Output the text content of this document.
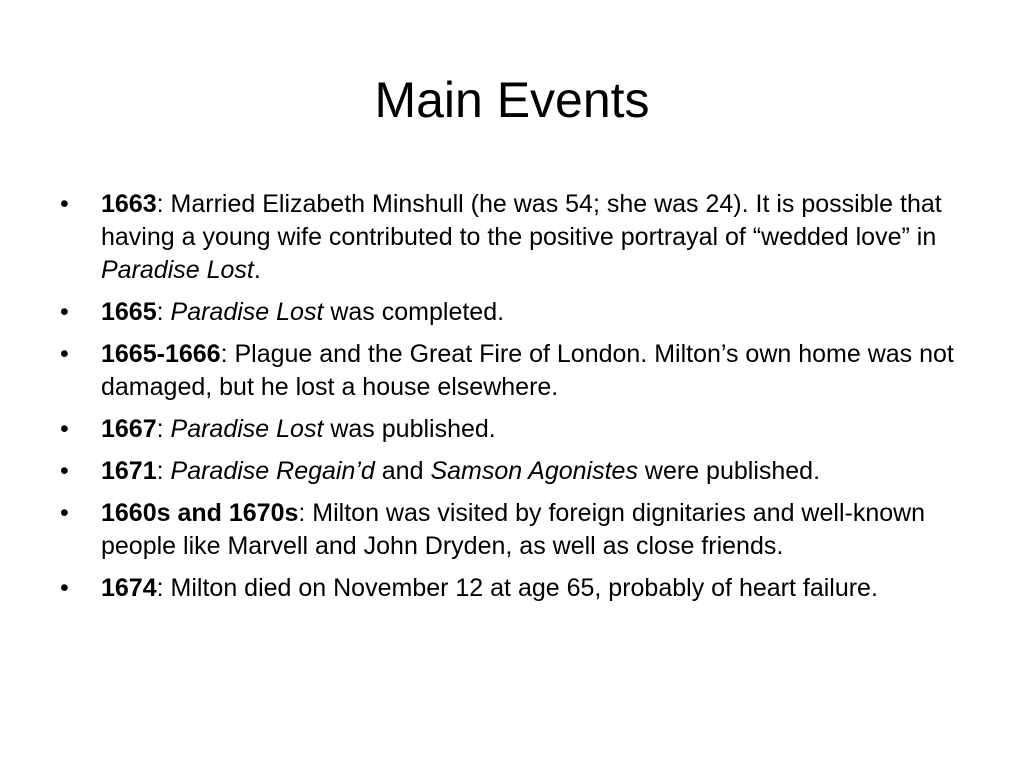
Main Events
• 1663: Married Elizabeth Minshull (he was 54; she was 24). It is possible that having a young wife contributed to the positive portrayal of “wedded love” in Paradise Lost.
• 1665: Paradise Lost was completed.
• 1665-1666: Plague and the Great Fire of London. Milton’s own home was not damaged, but he lost a house elsewhere.
• 1667: Paradise Lost was published.
• 1671: Paradise Regain’d and Samson Agonistes were published.
• 1660s and 1670s: Milton was visited by foreign dignitaries and well-known people like Marvell and John Dryden, as well as close friends.
• 1674: Milton died on November 12 at age 65, probably of heart failure.
